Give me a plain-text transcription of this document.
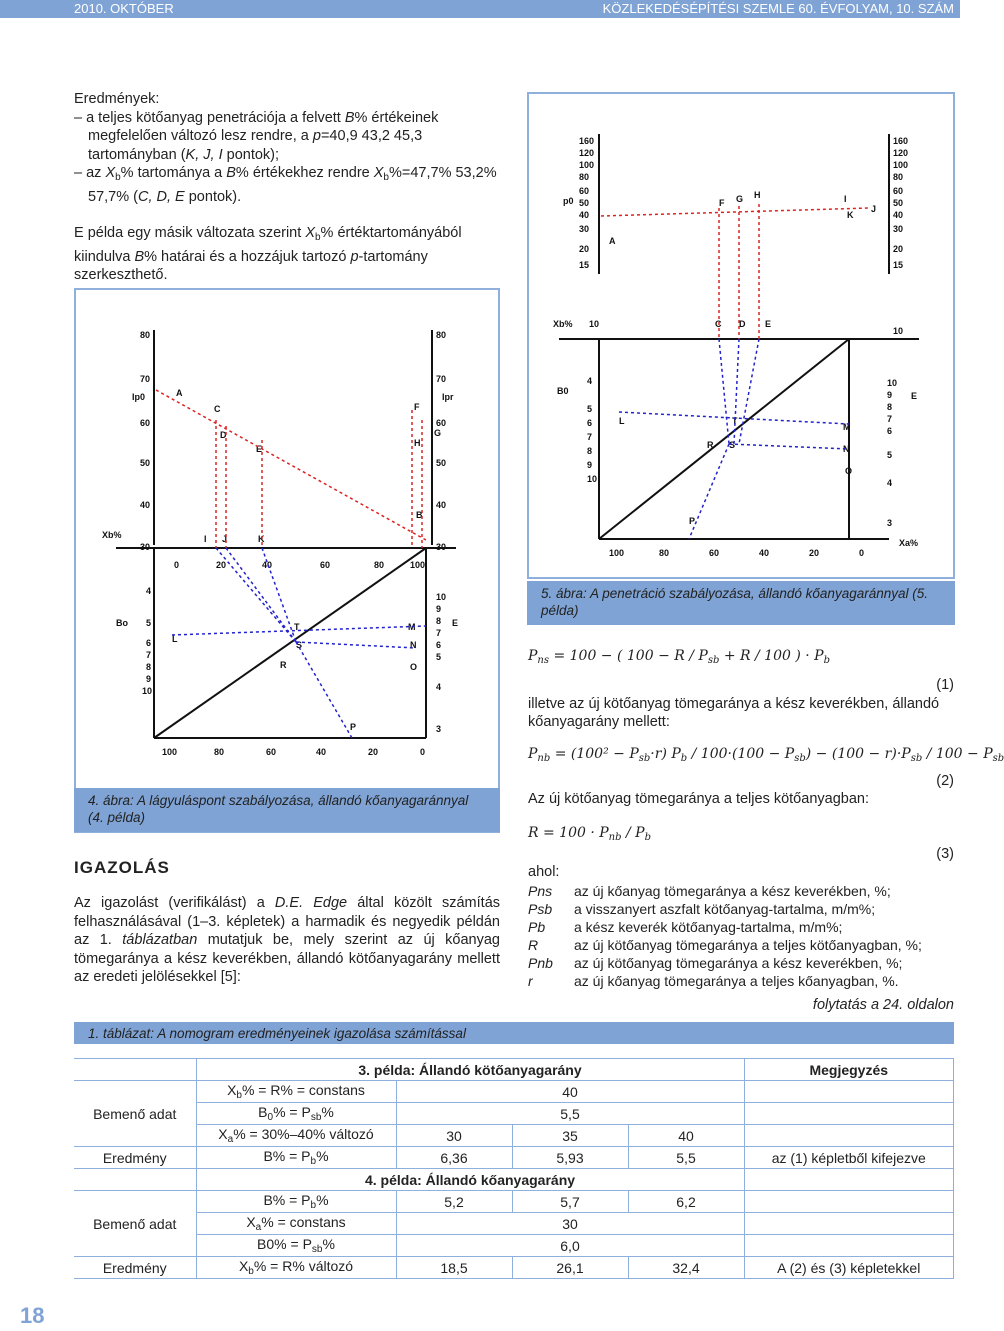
2010. OKTÓBER	KÖZLEKEDÉSÉPÍTÉSI SZEMLE 60. ÉVFOLYAM, 10. SZÁM
Eredmények:
– a teljes kötőanyag penetrációja a felvett B% értékeinek megfelelően változó lesz rendre, a p=40,9 43,2 45,3 tartományban (K, J, I pontok);
– az $X_b\%$ tartománya a B% értékekhez rendre $X_b\%=47,7\%$ 53,2% 57,7% (C, D, E pontok).
E példa egy másik változata szerint $X_b\%$ értéktartományából kiindulva B% határai és a hozzájuk tartozó p-tartomány szerkeszthető.
160
120
100
80
60
50
40
30
20
15
160
120
100
80
60
50
40
30
20
15
p0
Xb% 10
10
B0
4
5
6
7
8
9
10
10
9
8
7
6
5
4
A
F G H	I
K
J
C D E
L	T
R S
M
N
O
P
E
100	80	60	40	20	0
3
Xa%
80
70
60
50
40
30
80
70
60
50
40
30
Ip0	Ipr
A
C
D
E
F
G
H
B
Xb%
0	20	40	60	80	100
I J	K
Bo
4
5
6
7
8
9
10
10
9
8
7
6
5
4
3
L
T
S
R
M
N
O
P
E
100	80	60	40	20	0
4. ábra: A lágyuláspont szabályozása, állandó kőanyagaránnyal (4. példa)
5. ábra: A penetráció szabályozása, állandó kőanyagaránnyal (5. példa)
$P_{ns} = 100$ − ( $100 - R / P_{sb} + R / 100$ ) · $P_b$
(1)
illetve az új kötőanyag tömegaránya a kész keverékben, állandó kőanyagarány mellett:
$P_{nb} = (100^2 - P_{sb}\cdot r)$ $P_b / 100\cdot(100 - P_{sb}) - (100 - r)\cdot P_{sb} / 100 - P_{sb}$
(2)
Az új kötőanyag tömegaránya a teljes kötőanyagban:
$R = 100 \cdot P_{nb} / P_b$
(3)
ahol:
Pns	az új kőanyag tömegaránya a kész keverékben, %;
Psb	a visszanyert aszfalt kötőanyag-tartalma, m/m%;
Pb	a kész keverék kötőanyag-tartalma, m/m%;
R	az új kötőanyag tömegaránya a teljes kötőanyagban, %;
Pnb	az új kötőanyag tömegaránya a kész keverékben, %;
r	az új kőanyag tömegaránya a teljes kőanyagban, %.
folytatás a 24. oldalon
IGAZOLÁS
Az igazolást (verifikálást) a D.E. Edge által közölt számítás felhasználásával (1–3. képletek) a harmadik és negyedik példán az 1. táblázatban mutatjuk be, mely szerint az új kőanyag tömegaránya a kész keverékben, állandó kötőanyagarány mellett az eredeti jelölésekkel [5]:
1. táblázat: A nomogram eredményeinek igazolása számítással
	3. példa: Állandó kötőanyagarány				Megjegyzés
Bemenő adat	$X_b\% = R\%$ = constans	40			
	$B_0\% = P_{sb}\%$	5,5			
	$X_a\% = 30\%-40\%$ változó	30	35	40	
Eredmény	$B\% = P_b\%$	6,36	5,93	5,5	az (1) képletből kifejezve
	4. példa: Állandó kőanyagarány				
Bemenő adat	$B\% = P_b\%$	5,2	5,7	6,2	
	$X_a\%$ = constans	30			
	$B0\% = P_{sb}\%$	6,0			
Eredmény	$X_b\% = R\%$ változó	18,5	26,1	32,4	A (2) és (3) képletekkel
18
